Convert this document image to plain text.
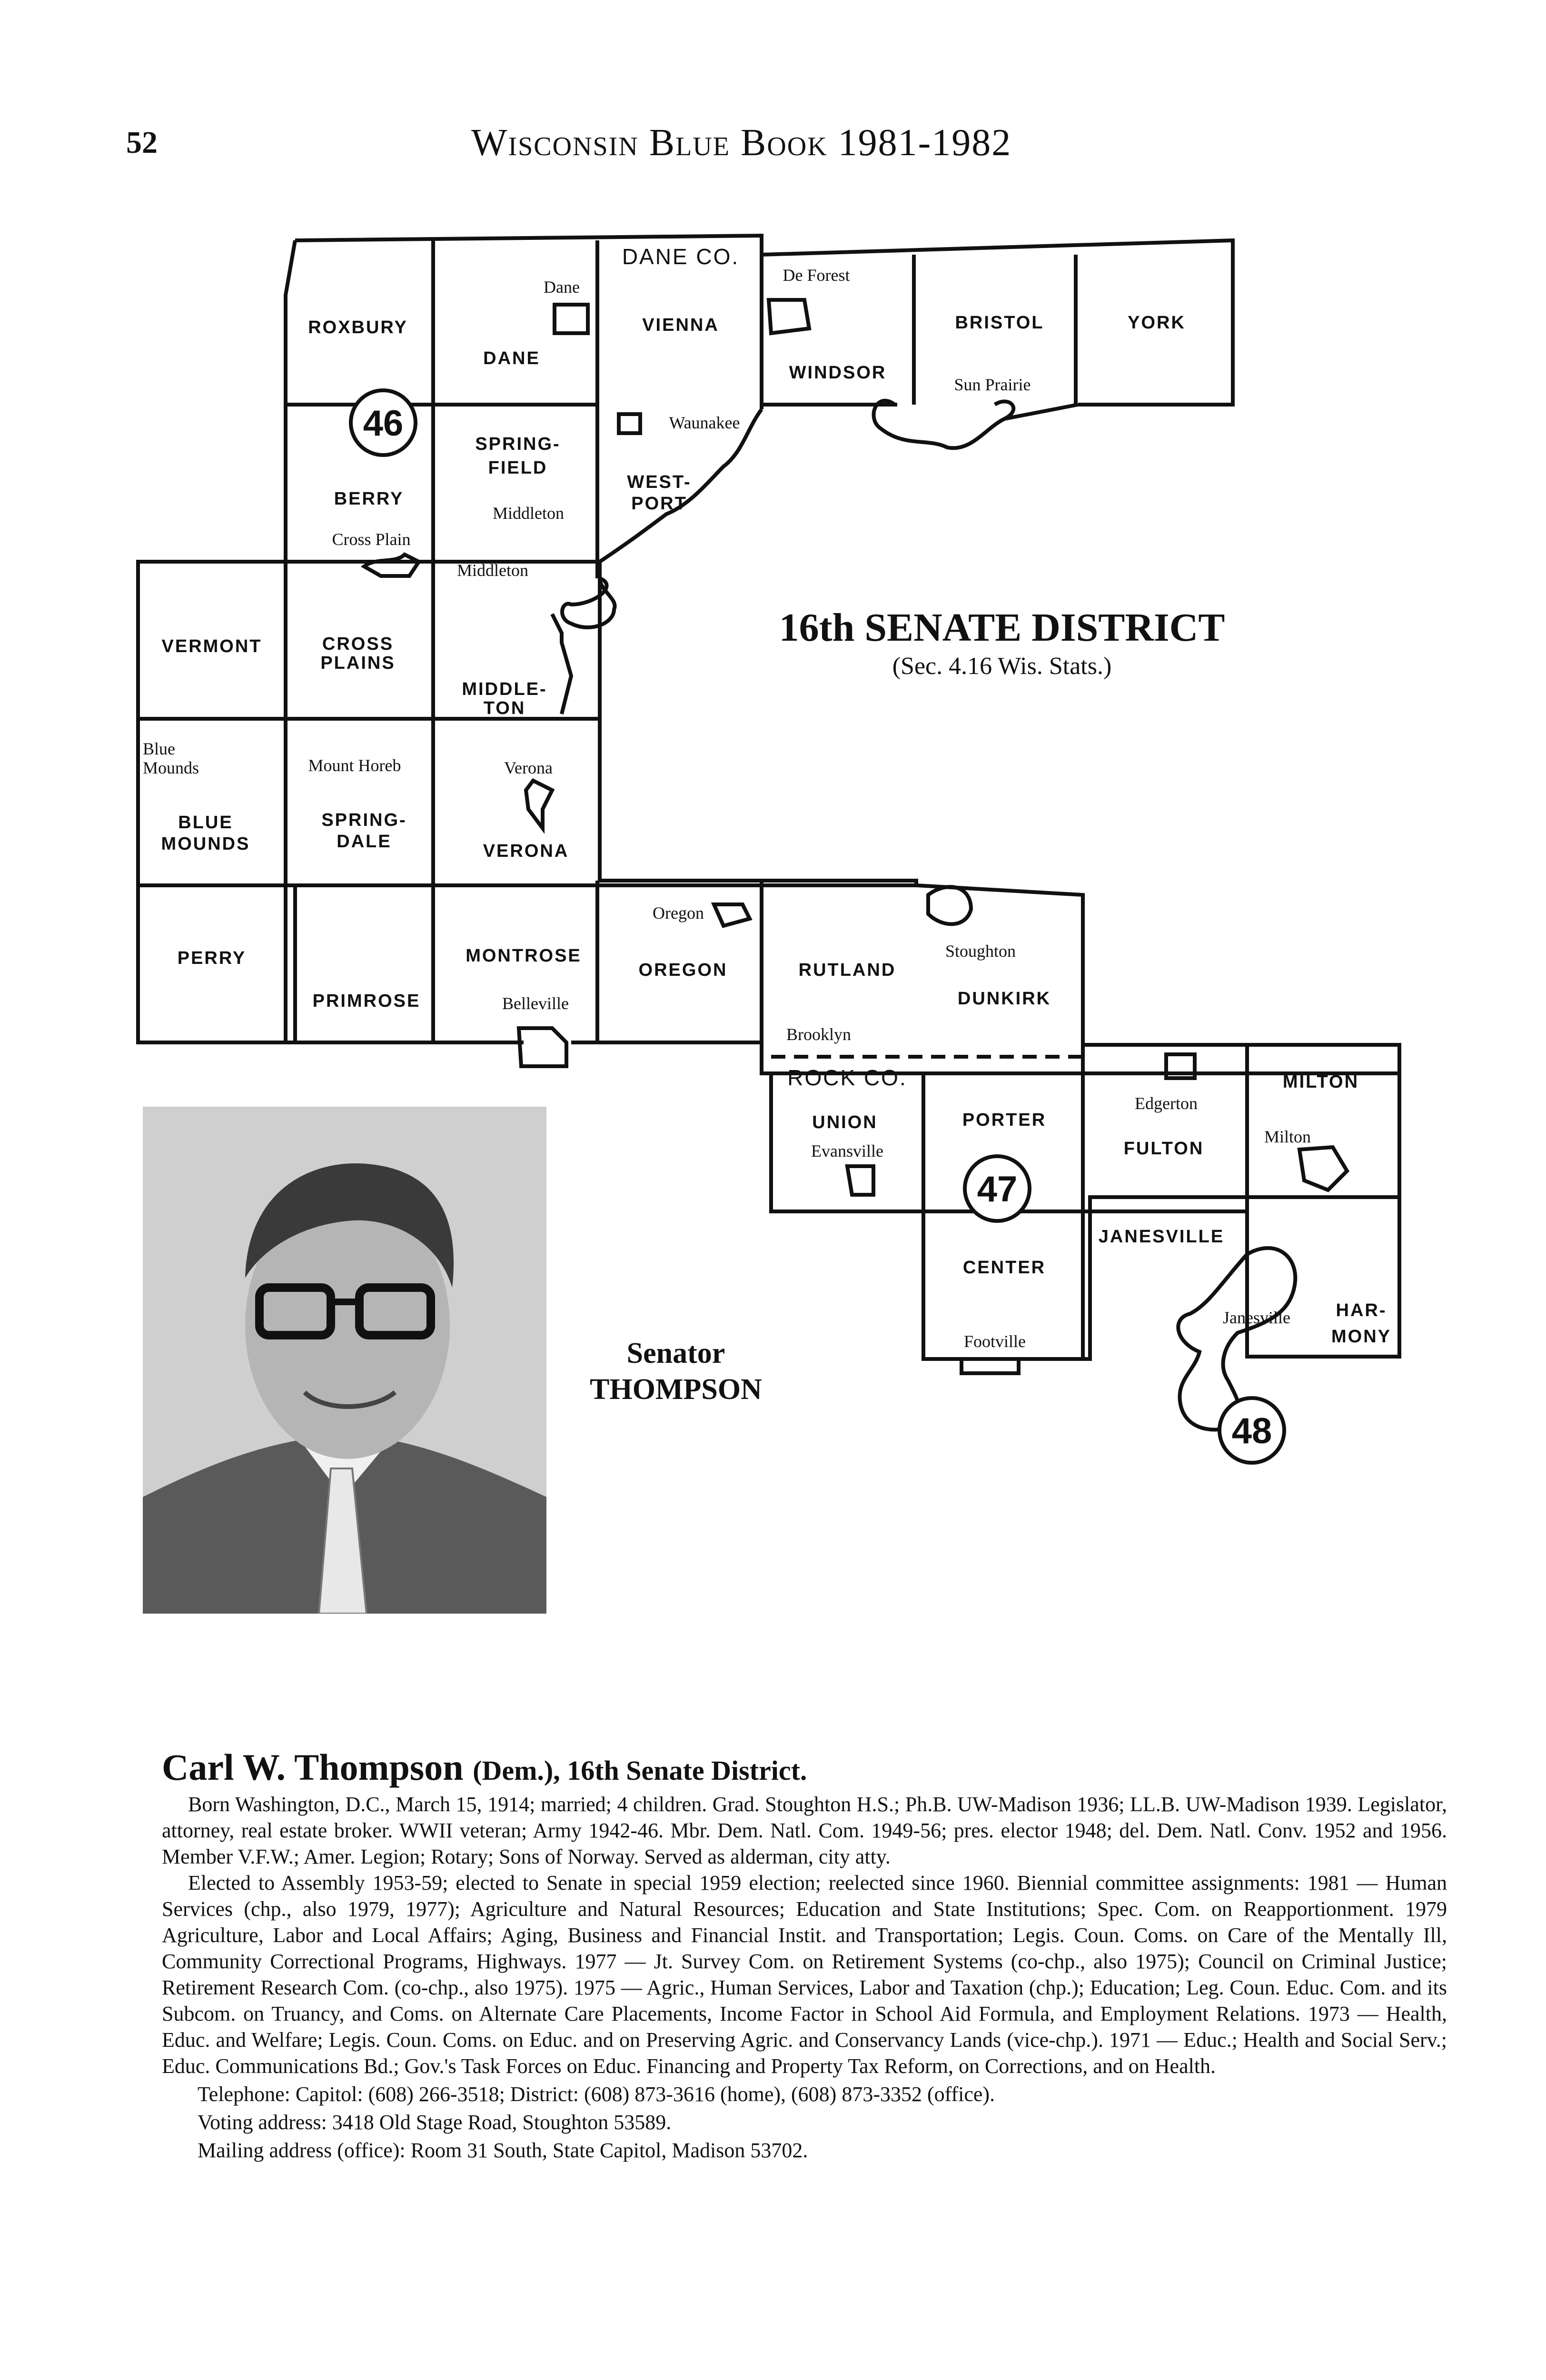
52	Wisconsin Blue Book 1981-1982
46
47
48
DANE CO.
ROCK CO.
ROXBURY
DANE
VIENNA
WINDSOR
BRISTOL	YORK
BERRY
SPRING-
FIELD
WEST-
PORT
VERMONT	CROSS
PLAINS
MIDDLE-
TON
BLUE
MOUNDS
SPRING-
DALE	VERONA
PERRY
PRIMROSE
MONTROSE
OREGON	RUTLAND
DUNKIRK
UNION	PORTER
FULTON
MILTON
CENTER
JANESVILLE
HAR-
MONY
Dane
De Forest
Sun Prairie
Waunakee
Middleton
Cross Plain
Middleton
Blue
Mounds	Mount Horeb	Verona
Oregon
Stoughton
Belleville
Brooklyn
Evansville
Edgerton
Milton
Janesville
Footville
16th SENATE DISTRICT
(Sec. 4.16 Wis. Stats.)
Senator
THOMPSON
Carl W. Thompson (Dem.), 16th Senate District.

Born Washington, D.C., March 15, 1914; married; 4 children. Grad. Stoughton H.S.; Ph.B. UW-Madison 1936; LL.B. UW-Madison 1939. Legislator, attorney, real estate broker. WWII veteran; Army 1942-46. Mbr. Dem. Natl. Com. 1949-56; pres. elector 1948; del. Dem. Natl. Conv. 1952 and 1956. Member V.F.W.; Amer. Legion; Rotary; Sons of Norway. Served as alderman, city atty.

Elected to Assembly 1953-59; elected to Senate in special 1959 election; reelected since 1960. Biennial committee assignments: 1981 — Human Services (chp., also 1979, 1977); Agriculture and Natural Resources; Education and State Institutions; Spec. Com. on Reapportionment. 1979 Agriculture, Labor and Local Affairs; Aging, Business and Financial Instit. and Transportation; Legis. Coun. Coms. on Care of the Mentally Ill, Community Correctional Programs, Highways. 1977 — Jt. Survey Com. on Retirement Systems (co-chp., also 1975); Council on Criminal Justice; Retirement Research Com. (co-chp., also 1975). 1975 — Agric., Human Services, Labor and Taxation (chp.); Education; Leg. Coun. Educ. Com. and its Subcom. on Truancy, and Coms. on Alternate Care Placements, Income Factor in School Aid Formula, and Employment Relations. 1973 — Health, Educ. and Welfare; Legis. Coun. Coms. on Educ. and on Preserving Agric. and Conservancy Lands (vice-chp.). 1971 — Educ.; Health and Social Serv.; Educ. Communications Bd.; Gov.'s Task Forces on Educ. Financing and Property Tax Reform, on Corrections, and on Health.

Telephone: Capitol: (608) 266-3518; District: (608) 873-3616 (home), (608) 873-3352 (office).

Voting address: 3418 Old Stage Road, Stoughton 53589.

Mailing address (office): Room 31 South, State Capitol, Madison 53702.
